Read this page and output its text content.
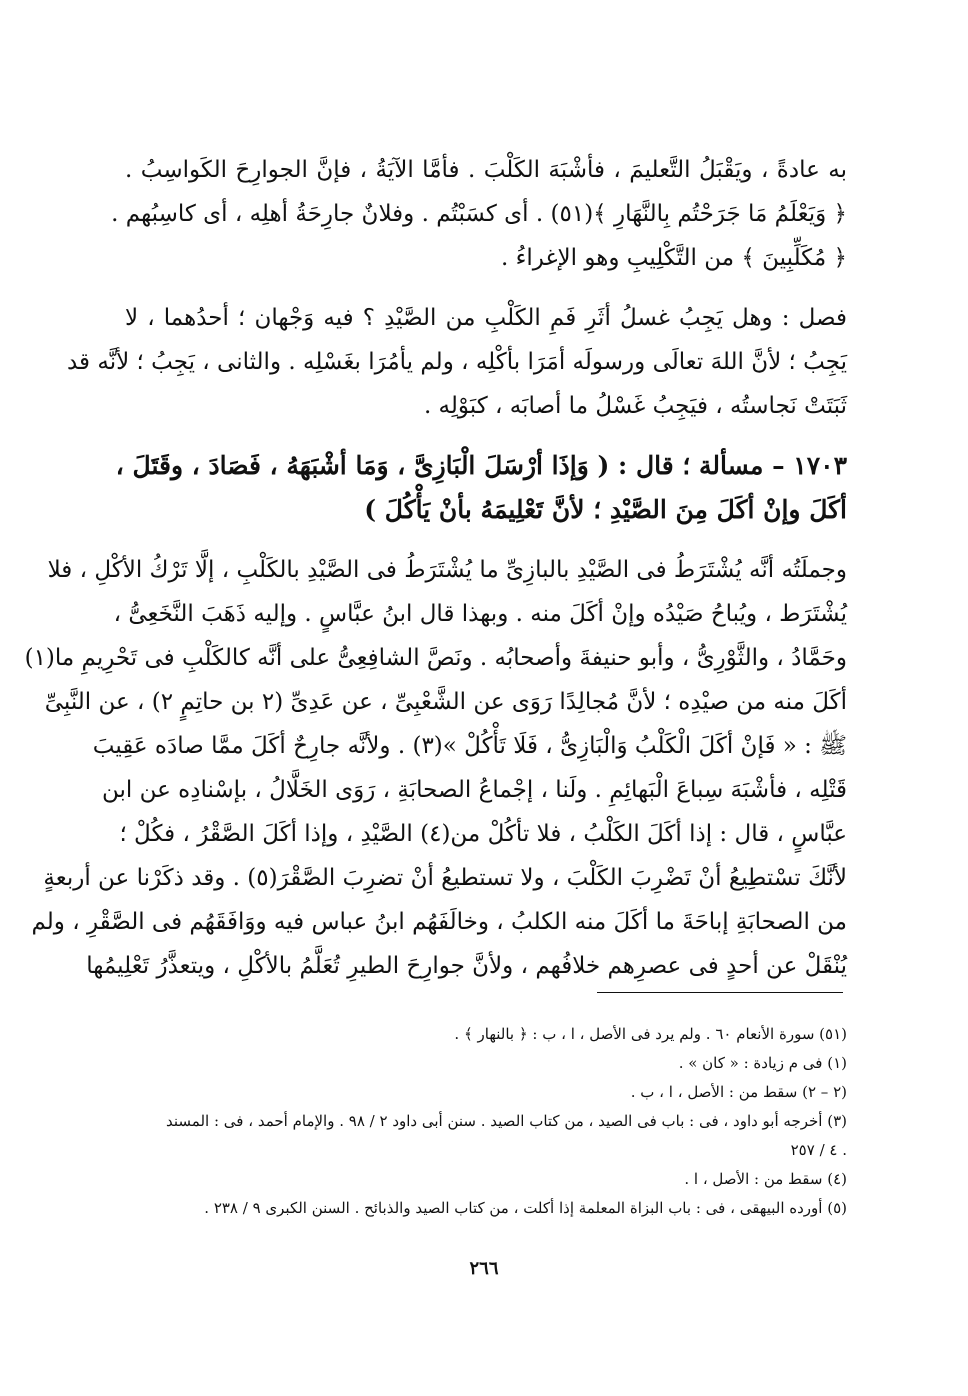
به عادةً ، ويَقْبَلُ التَّعليمَ ، فأشْبَهَ الكَلْبَ . فأمَّا الآيَةُ ، فإنَّ الجوارِحَ الكَواسِبُ .
﴿ وَيَعْلَمُ مَا جَرَحْتُم بِالنَّهَارِ ﴾(٥١) . أى كسَبْتُم . وفلانٌ جارِحَةُ أهلِه ، أى كاسِبُهم .
﴿ مُكَلِّبِينَ ﴾ من التَّكْلِيبِ وهو الإغراءُ .
فصل : وهل يَجِبُ غسلُ أثَرِ فَمِ الكَلْبِ من الصَّيْدِ ؟ فيه وَجْهان ؛ أحدُهما ، لا
يَجِبُ ؛ لأنَّ اللهَ تعالَى ورسولَه أمَرَا بأكْلِه ، ولم يأمُرَا بغَسْلِه . والثانى ، يَجِبُ ؛ لأنَّه قد
ثَبَتَتْ نَجاستُه ، فيَجِبُ غَسْلُ ما أصابَه ، كبَوْلِه .
١٧٠٣ – مسألة ؛ قال : ( وَإذَا أرْسَلَ الْبَازِىَّ ، وَمَا أشْبَهَهُ ، فَصَادَ ، وقَتَلَ ،
أكَلَ وإنْ أكَلَ مِنَ الصَّيْدِ ؛ لأنَّ تَعْلِيمَهُ بأنْ يَأْكُلَ )
وجملَتُه أنَّه يُشْتَرَطُ فى الصَّيْدِ بالبازِىِّ ما يُشْتَرَطُ فى الصَّيْدِ بالكَلْبِ ، إلَّا تَرْكُ الأكْلِ ، فلا
يُشْتَرَط ، ويُباحُ صَيْدُه وإنْ أكَلَ منه . وبهذا قال ابنُ عبَّاسٍ . وإليه ذَهَبَ النَّخَعِىُّ ،
وحَمَّادُ ، والثَّوْرِىُّ ، وأبو حنيفةَ وأصحابُه . ونَصَّ الشافِعِىُّ على أنَّه كالكَلْبِ فى تَحْرِيمِ ما(١)
أكَلَ منه من صيْدِه ؛ لأنَّ مُجالِدًا رَوَى عن الشَّعْبِىِّ ، عن عَدِىِّ (٢ بن حاتِمٍ ٢) ، عن النَّبِىِّ
ﷺ : « فَإنْ أكَلَ الْكَلْبُ وَالْبَازِىُّ ، فَلَا تَأْكُلْ »(٣) . ولأنَّه جارِحٌ أكَلَ ممَّا صادَه عَقِيبَ
قَتْلِه ، فأشْبَهَ سِباعَ الْبَهائِمِ . ولَنا ، إجْماعُ الصحابَةِ ، رَوَى الخَلَّالُ ، بإسْنادِه عن ابن
عبَّاسٍ ، قال : إذا أكَلَ الكَلْبُ ، فلا تأكُلْ من(٤) الصَّيْدِ ، وإذا أكَلَ الصَّقْرُ ، فكُلْ ؛
لأنَّكَ تسْتطِيعُ أنْ تَضْرِبَ الكَلْبَ ، ولا تستطيعُ أنْ تضرِبَ الصَّقْرَ(٥) . وقد ذكَرْنا عن أربعةٍ
من الصحابَةِ إباحَةَ ما أكَلَ منه الكلبُ ، وخالَفَهُم ابنُ عباس فيه ووَافَقَهُم فى الصَّقْرِ ، ولم
يُنْقَلْ عن أحدٍ فى عصرِهم خلافُهم ، ولأنَّ جوارِحَ الطيرِ تُعَلَّمُ بالأكْلِ ، ويتعذَّرُ تَعْلِيمُها
(٥١) سورة الأنعام ٦٠ . ولم يرد فى الأصل ، ا ، ب : ﴿ بالنهار ﴾ .
(١) فى م زيادة : « كان » .
(٢ – ٢) سقط من : الأصل ، ا ، ب .
(٣) أخرجه أبو داود ، فى : باب فى الصيد ، من كتاب الصيد . سنن أبى داود ٢ / ٩٨ . والإمام أحمد ، فى : المسند
. ٤ / ٢٥٧
(٤) سقط من : الأصل ، ا .
(٥) أورده البيهقى ، فى : باب البزاة المعلمة إذا أكلت ، من كتاب الصيد والذبائح . السنن الكبرى ٩ / ٢٣٨ .
٢٦٦
